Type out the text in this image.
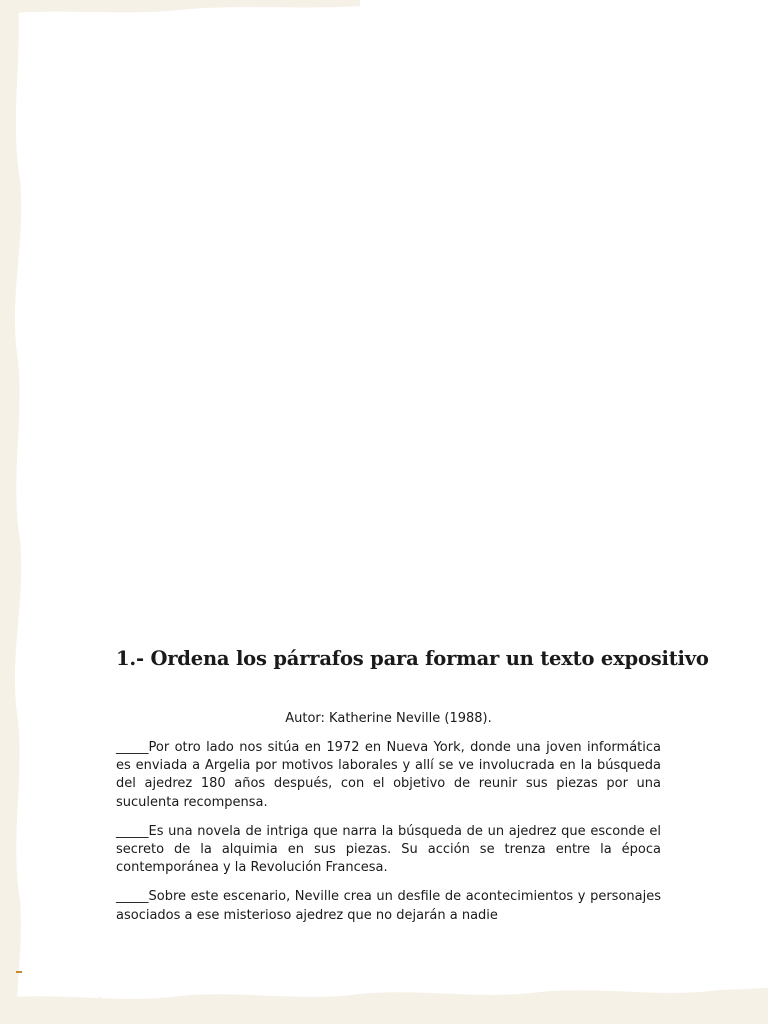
1.- Ordena los párrafos para formar un texto expositivo

Autor: Katherine Neville (1988).

_____Por otro lado nos sitúa en 1972 en Nueva York, donde una joven informática es enviada a Argelia por motivos laborales y allí se ve involucrada en la búsqueda del ajedrez 180 años después, con el objetivo de reunir sus piezas por una suculenta recompensa.

_____Es una novela de intriga que narra la búsqueda de un ajedrez que esconde el secreto de la alquimia en sus piezas. Su acción se trenza entre la época contemporánea y la Revolución Francesa.

_____Sobre este escenario, Neville crea un desfile de acontecimientos y personajes asociados a ese misterioso ajedrez que no dejarán a nadie
